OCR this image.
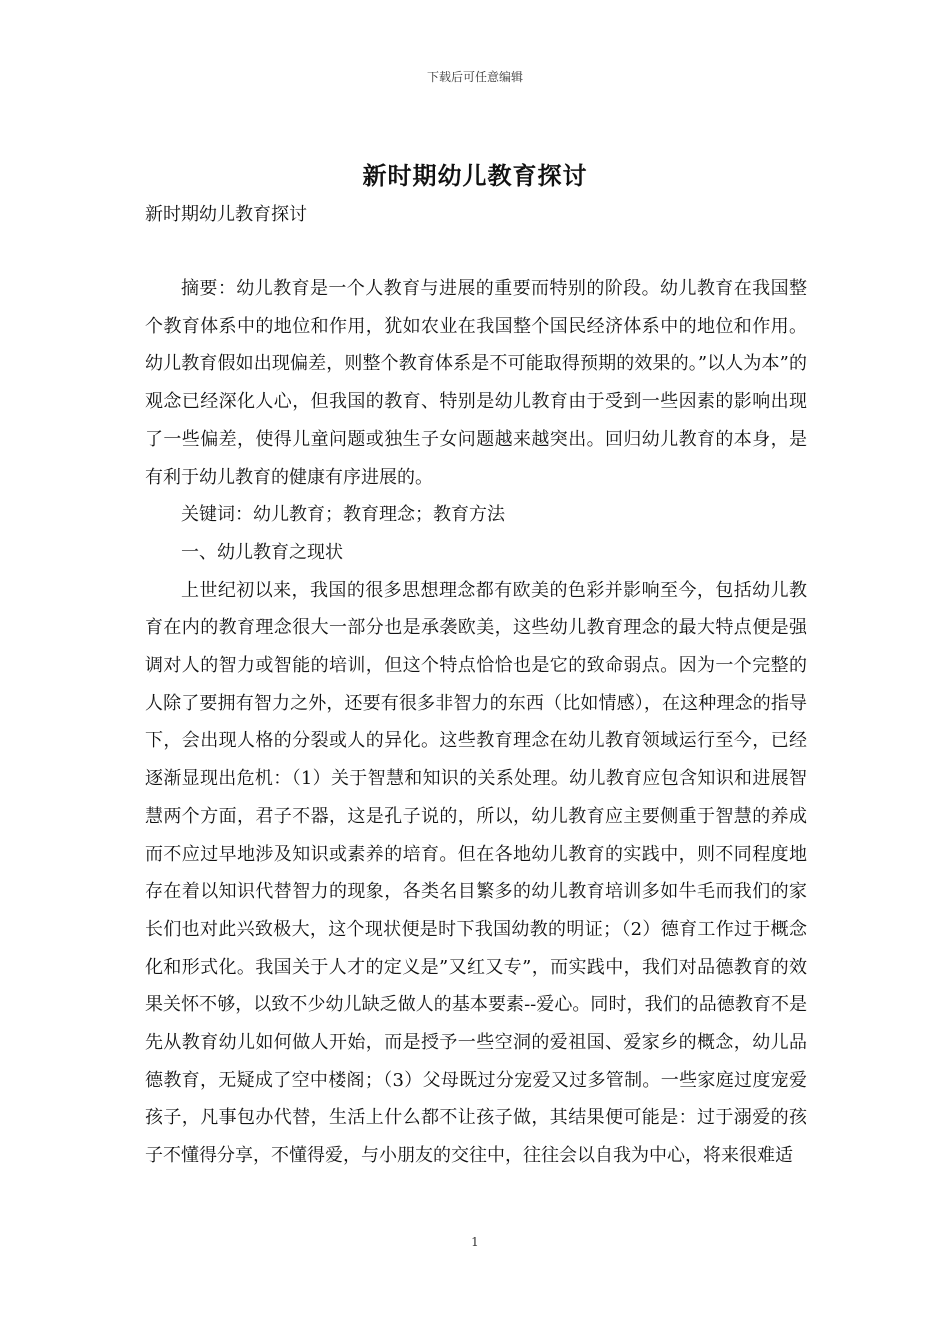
下载后可任意编辑
新时期幼儿教育探讨
新时期幼儿教育探讨

摘要：幼儿教育是一个人教育与进展的重要而特别的阶段。幼儿教育在我国整个教育体系中的地位和作用，犹如农业在我国整个国民经济体系中的地位和作用。幼儿教育假如出现偏差，则整个教育体系是不可能取得预期的效果的。”以人为本”的观念已经深化人心，但我国的教育、特别是幼儿教育由于受到一些因素的影响出现了一些偏差，使得儿童问题或独生子女问题越来越突出。回归幼儿教育的本身，是有利于幼儿教育的健康有序进展的。

关键词：幼儿教育；教育理念；教育方法

一、幼儿教育之现状

上世纪初以来，我国的很多思想理念都有欧美的色彩并影响至今，包括幼儿教育在内的教育理念很大一部分也是承袭欧美，这些幼儿教育理念的最大特点便是强调对人的智力或智能的培训，但这个特点恰恰也是它的致命弱点。因为一个完整的人除了要拥有智力之外，还要有很多非智力的东西（比如情感），在这种理念的指导下，会出现人格的分裂或人的异化。这些教育理念在幼儿教育领域运行至今，已经逐渐显现出危机：（1）关于智慧和知识的关系处理。幼儿教育应包含知识和进展智慧两个方面，君子不器，这是孔子说的，所以，幼儿教育应主要侧重于智慧的养成而不应过早地涉及知识或素养的培育。但在各地幼儿教育的实践中，则不同程度地存在着以知识代替智力的现象，各类名目繁多的幼儿教育培训多如牛毛而我们的家长们也对此兴致极大，这个现状便是时下我国幼教的明证；（2）德育工作过于概念化和形式化。我国关于人才的定义是”又红又专”，而实践中，我们对品德教育的效果关怀不够，以致不少幼儿缺乏做人的基本要素--爱心。同时，我们的品德教育不是先从教育幼儿如何做人开始，而是授予一些空洞的爱祖国、爱家乡的概念，幼儿品德教育，无疑成了空中楼阁；（3）父母既过分宠爱又过多管制。一些家庭过度宠爱孩子，凡事包办代替，生活上什么都不让孩子做，其结果便可能是：过于溺爱的孩子不懂得分享，不懂得爱，与小朋友的交往中，往往会以自我为中心，将来很难适

1
